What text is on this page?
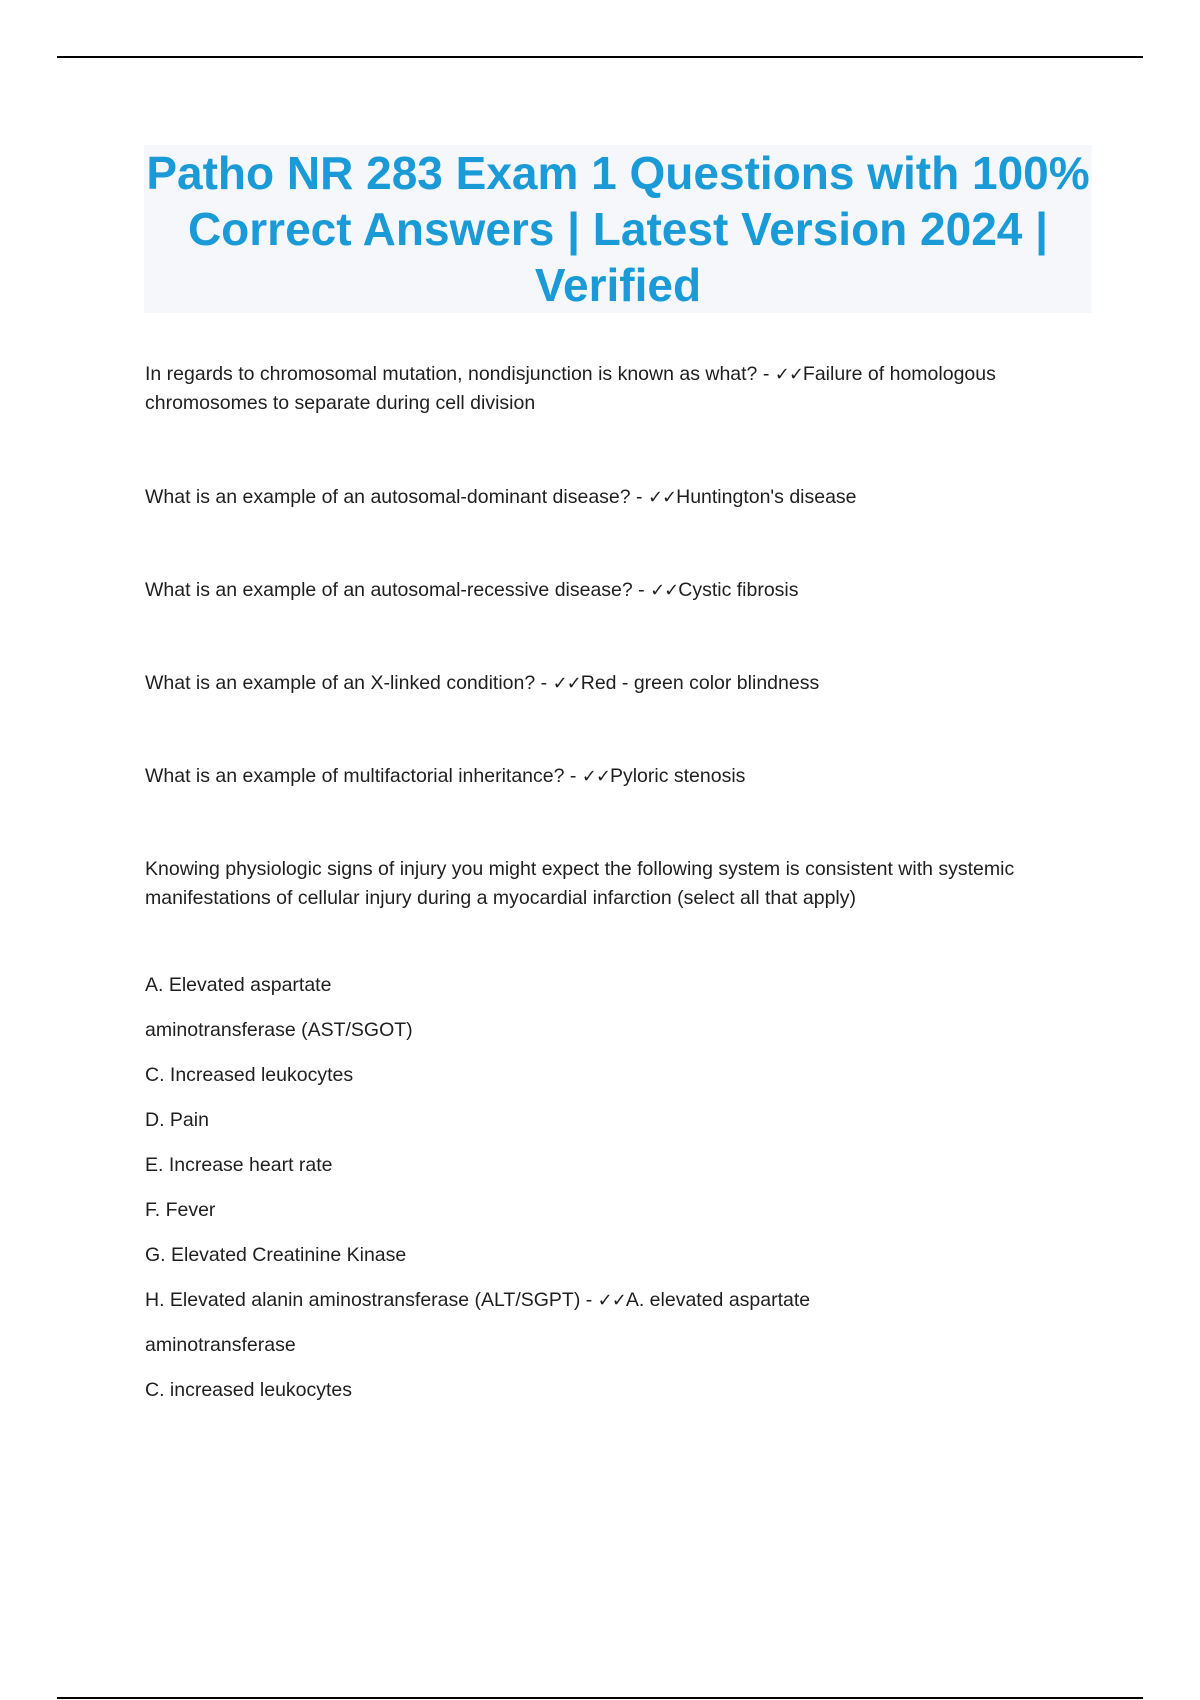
Patho NR 283 Exam 1 Questions with 100% Correct Answers | Latest Version 2024 | Verified

In regards to chromosomal mutation, nondisjunction is known as what? - ✓✓Failure of homologous chromosomes to separate during cell division

What is an example of an autosomal-dominant disease? - ✓✓Huntington's disease

What is an example of an autosomal-recessive disease? - ✓✓Cystic fibrosis

What is an example of an X-linked condition? - ✓✓Red - green color blindness

What is an example of multifactorial inheritance? - ✓✓Pyloric stenosis

Knowing physiologic signs of injury you might expect the following system is consistent with systemic manifestations of cellular injury during a myocardial infarction (select all that apply)

A. Elevated aspartate

aminotransferase (AST/SGOT)

C. Increased leukocytes

D. Pain

E. Increase heart rate

F. Fever

G. Elevated Creatinine Kinase

H. Elevated alanin aminostransferase (ALT/SGPT) - ✓✓A. elevated aspartate

aminotransferase

C. increased leukocytes
